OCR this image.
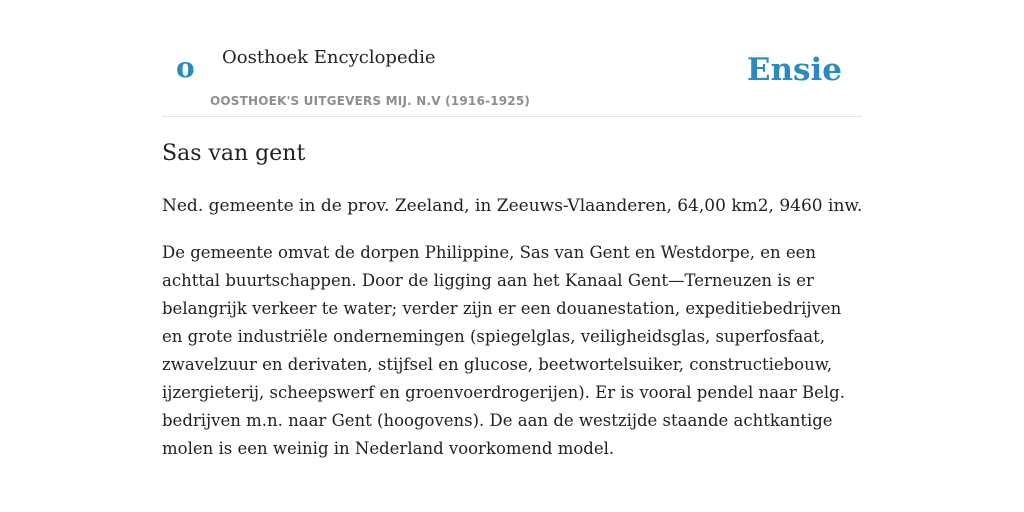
o Oosthoek Encyclopedie
OOSTHOEK'S UITGEVERS MIJ. N.V (1916-1925)
Ensie
Sas van gent

Ned. gemeente in de prov. Zeeland, in Zeeuws-Vlaanderen, 64,00 km2, 9460 inw.

De gemeente omvat de dorpen Philippine, Sas van Gent en Westdorpe, en een
achttal buurtschappen. Door de ligging aan het Kanaal Gent—Terneuzen is er
belangrijk verkeer te water; verder zijn er een douanestation, expeditiebedrijven
en grote industriële ondernemingen (spiegelglas, veiligheidsglas, superfosfaat,
zwavelzuur en derivaten, stijfsel en glucose, beetwortelsuiker, constructiebouw,
ijzergieterij, scheepswerf en groenvoerdrogerijen). Er is vooral pendel naar Belg.
bedrijven m.n. naar Gent (hoogovens). De aan de westzijde staande achtkantige
molen is een weinig in Nederland voorkomend model.
